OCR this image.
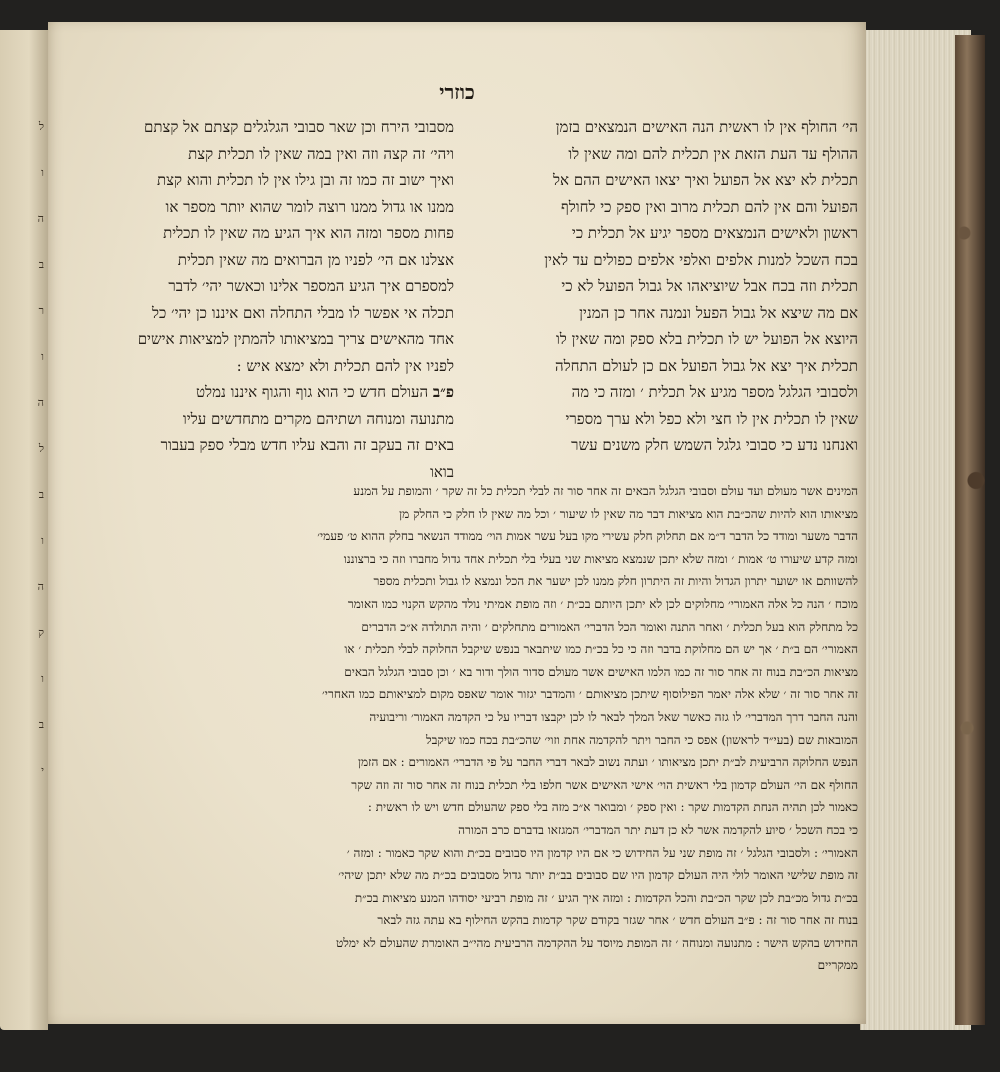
ל
ו
ה
ב
ר
ו
ה
ל
ב
ו
ה
ק
ו
ב
י
כוזרי

הי׳ החולף אין לו ראשית הנה האישים הנמצאים בזמן

ההולף עד העת הזאת אין תכלית להם ומה שאין לו

תכלית לא יצא אל הפועל ואיך יצאו האישים ההם אל

הפועל והם אין להם תכלית מרוב ואין ספק כי לחולף

ראשון ולאישים הנמצאים מספר יגיע אל תכלית כי

בכח השכל למנות אלפים ואלפי אלפים כפולים עד לאין

תכלית וזה בכח אבל שיוציאהו אל גבול הפועל לא כי

אם מה שיצא אל גבול הפעל ונמנה אחר כן המנין

היוצא אל הפועל יש לו תכלית בלא ספק ומה שאין לו

תכלית איך יצא אל גבול הפועל אם כן לעולם התחלה

ולסבובי הגלגל מספר מגיע אל תכלית ׳ ומזה כי מה

שאין לו תכלית אין לו חצי ולא כפל ולא ערך מספרי

ואנחנו נדע כי סבובי גלגל השמש חלק משנים עשר

מסבובי הירח וכן שאר סבובי הגלגלים קצתם אל קצתם

ויהי׳ זה קצה וזה ואין במה שאין לו תכלית קצת

ואיך ישוב זה כמו זה ובן גילו אין לו תכלית והוא קצת

ממנו או גדול ממנו רוצה לומר שהוא יותר מספר או

פחות מספר ומזה הוא איך הגיע מה שאין לו תכלית

אצלנו אם הי׳ לפניו מן הברואים מה שאין תכלית

למספרם איך הגיע המספר אלינו וכאשר יהי׳ לדבר

תכלה אי אפשר לו מבלי התחלה ואם איננו כן יהי׳ כל

אחד מהאישים צריך במציאותו להמתין למציאות אישים

לפניו אין להם תכלית ולא ימצא איש :

פ״ב העולם חדש כי הוא גוף והגוף איננו נמלט

מתנועה ומנוחה ושתיהם מקרים מתחדשים עליו

באים זה בעקב זה והבא עליו חדש מבלי ספק בעבור

בואו

המינים אשר מעולם ועד עולם וסבובי הגלגל הבאים זה אחר סור זה לבלי תכלית כל זה שקר ׳ והמופת על המנע

מציאותו הוא להיות שהכ״בת הוא מציאות דבר מה שאין לו שיעור ׳ וכל מה שאין לו חלק כי החלק מן

הדבר משער ומודד כל הדבר ד״מ אם תחלוק חלק עשירי מקו בעל עשר אמות הוי׳ ממודד הנשאר בחלק ההוא ט׳ פעמי׳

ומזה קדע שיעורו ט׳ אמות ׳ ומזה שלא יתכן שנמצא מציאות שני בעלי בלי תכלית אחד גדול מחברו וזה כי ברצוננו

להשוותם או ישוער יתרון הגדול והיות זה היתרון חלק ממנו לכן ישער את הכל ונמצא לו גבול ותכלית מספר

מוכח ׳ הנה כל אלה האמורי׳ מחלוקים לכן לא יתכן היותם בכ״ת ׳ וזה מופת אמיתי נולד מהקש הקנוי כמו האומר

כל מתחלק הוא בעל תכלית ׳ ואחר התנה ואומר הכל הדברי׳ האמורים מתחלקים ׳ והיה התולדה א״כ הדברים

האמורי׳ הם ב״ת ׳ אך יש הם מחלוקת בדבר וזה כי כל בכ״ת כמו שיתבאר בנפש שיקבל החלוקה לבלי תכלית ׳ או

מציאות הכ״בת בנוח זה אחר סור זה כמו הלמו האישים אשר מעולם סדור הולך ודור בא ׳ וכן סבובי הגלגל הבאים

זה אחר סור זה ׳ שלא אלה יאמר הפילוסוף שיתכן מציאותם ׳ והמדבר יגזור אומר שאפס מקום למציאותם כמו האחרי׳

והנה החבר דרך המדברי׳ לו גזה כאשר שאל המלך לבאר לו לכן יקבצו דבריו על כי הקדמה האמור׳ וריבועיה

המובאות שם (בעי״ד לראשון) אפס כי החבר ויתר להקדמה אחת וזוי׳ שהכ״בת בכח כמו שיקבל

הנפש החלוקה הרביעית לב״ת יתכן מציאותו ׳ ועתה נשוב לבאר דברי החבר על פי הדברי׳ האמורים : אם הזמן

החולף אם הי׳ העולם קדמון בלי ראשית הוי׳ אישי האישים אשר חלפו בלי תכלית בנוח זה אחר סור זה וזה שקר

כאמור לכן תהיה הנחת הקדמות שקר : ואין ספק ׳ ומבואר א״כ מזה בלי ספק שהעולם חדש ויש לו ראשית :

כי בכח השכל ׳ סיוע להקדמה אשר לא כן דעת יתר המדברי׳ המגזאו בדברם כרב המורה

האמורי׳ : ולסבובי הגלגל ׳ זה מופת שני על החידוש כי אם היו קדמון היו סבובים בכ״ת והוא שקר כאמור : ומזה ׳

זה מופת שלישי האומר לולי היה העולם קדמון היו שם סבובים בב״ת יותר גדול מסבובים בכ״ת מה שלא יתכן שיהי׳

בכ״ת גדול מכ״בת לכן שקר הכ״בת והכל הקדמות : ומזה איך הגיע ׳ זה מופת רביעי יסודהו המנע מציאות בכ״ת

בנוח זה אחר סור זה : פ״ב העולם חדש ׳ אחר שגזר בקודם שקר קדמות בהקש החילוף בא עתה גזה לבאר

החידוש בהקש הישר : מתנועה ומנוחה ׳ זה המופת מיוסד על ההקדמה הרביעית מהי״ב האומרת שהעולם לא ימלט

ממקריים
